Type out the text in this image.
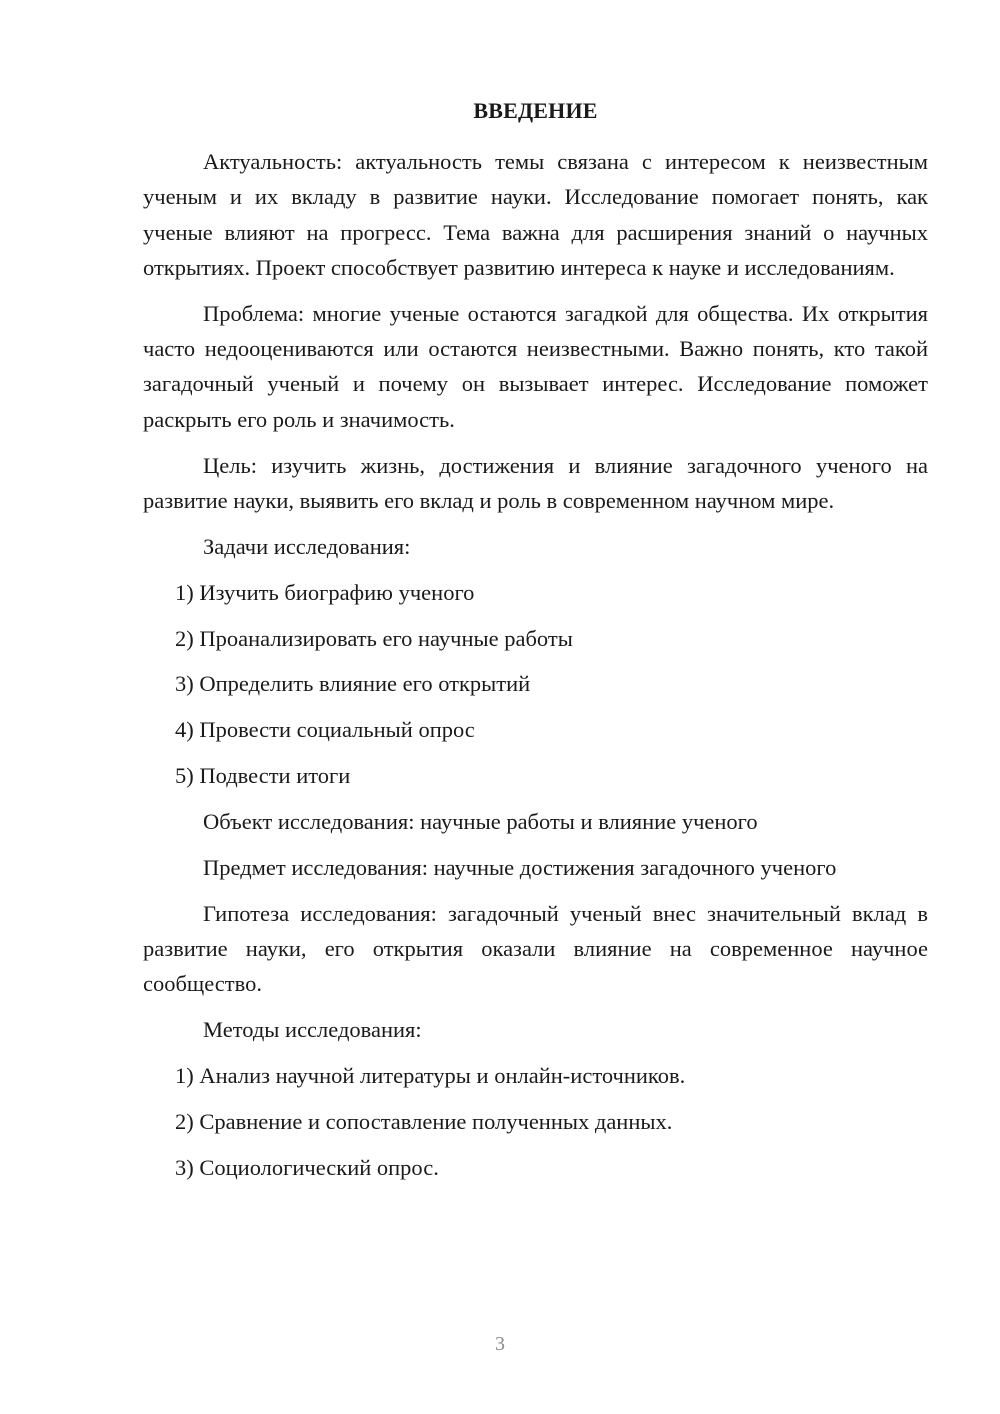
ВВЕДЕНИЕ

Актуальность: актуальность темы связана с интересом к неизвестным ученым и их вкладу в развитие науки. Исследование помогает понять, как ученые влияют на прогресс. Тема важна для расширения знаний о научных открытиях. Проект способствует развитию интереса к науке и исследованиям.

Проблема: многие ученые остаются загадкой для общества. Их открытия часто недооцениваются или остаются неизвестными. Важно понять, кто такой загадочный ученый и почему он вызывает интерес. Исследование поможет раскрыть его роль и значимость.

Цель: изучить жизнь, достижения и влияние загадочного ученого на развитие науки, выявить его вклад и роль в современном научном мире.

Задачи исследования:

1) Изучить биографию ученого

2) Проанализировать его научные работы

3) Определить влияние его открытий

4) Провести социальный опрос

5) Подвести итоги

Объект исследования: научные работы и влияние ученого

Предмет исследования: научные достижения загадочного ученого

Гипотеза исследования: загадочный ученый внес значительный вклад в развитие науки, его открытия оказали влияние на современное научное сообщество.

Методы исследования:

1) Анализ научной литературы и онлайн-источников.

2) Сравнение и сопоставление полученных данных.

3) Социологический опрос.

3
